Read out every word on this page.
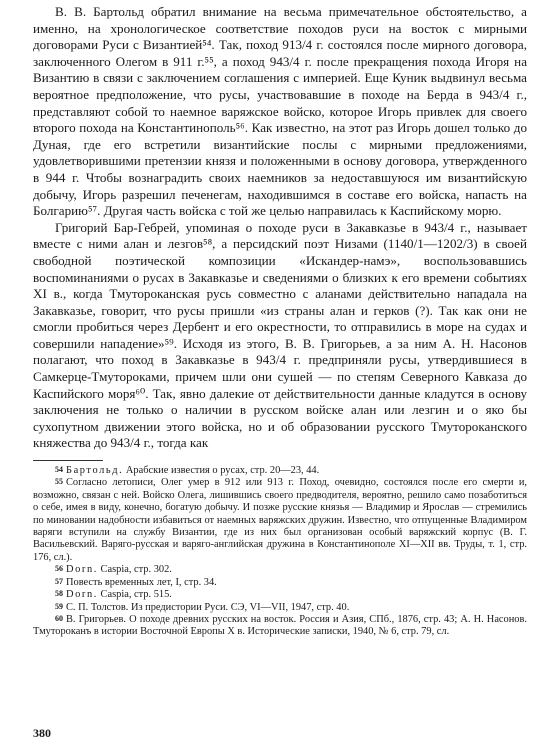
В. В. Бартольд обратил внимание на весьма примечательное обстоятельство, а именно, на хронологическое соответствие походов руси на восток с мирными договорами Руси с Византией⁵⁴. Так, поход 913/4 г. состоялся после мирного договора, заключенного Олегом в 911 г.⁵⁵, а поход 943/4 г. после прекращения похода Игоря на Византию в связи с заключением соглашения с империей. Еще Куник выдвинул весьма вероятное предположение, что русы, участвовавшие в походе на Берда в 943/4 г., представляют собой то наемное варяжское войско, которое Игорь привлек для своего второго похода на Константинополь⁵⁶. Как известно, на этот раз Игорь дошел только до Дуная, где его встретили византийские послы с мирными предложениями, удовлетворившими претензии князя и положенными в основу договора, утвержденного в 944 г. Чтобы вознаградить своих наемников за недоставшуюся им византийскую добычу, Игорь разрешил печенегам, находившимся в составе его войска, напасть на Болгарию⁵⁷. Другая часть войска с той же целью направилась к Каспийскому морю.

Григорий Бар-Гебрей, упоминая о походе руси в Закавказье в 943/4 г., называет вместе с ними алан и лезгов⁵⁸, а персидский поэт Низами (1140/1—1202/3) в своей свободной поэтической композиции «Искандер-намэ», воспользовавшись воспоминаниями о русах в Закавказье и сведениями о близких к его времени событиях XI в., когда Тмутороканская русь совместно с аланами действительно нападала на Закавказье, говорит, что русы пришли «из страны алан и герков (?). Так как они не смогли пробиться через Дербент и его окрестности, то отправились в море на судах и совершили нападение»⁵⁹. Исходя из этого, В. В. Григорьев, а за ним А. Н. Насонов полагают, что поход в Закавказье в 943/4 г. предприняли русы, утвердившиеся в Самкерце-Тмутороками, причем шли они сушей — по степям Северного Кавказа до Каспийского моря⁶⁰. Так, явно далекие от действительности данные кладутся в основу заключения не только о наличии в русском войске алан или лезгин и о яко бы сухопутном движении этого войска, но и об образовании русского Тмутороканского княжества до 943/4 г., тогда как

$^{54}$ Бартольд. Арабские известия о русах, стр. 20—23, 44.

$^{55}$ Согласно летописи, Олег умер в 912 или 913 г. Поход, очевидно, состоялся после его смерти и, возможно, связан с ней. Войско Олега, лишившись своего предводителя, вероятно, решило само позаботиться о себе, имея в виду, конечно, богатую добычу. И позже русские князья — Владимир и Ярослав — стремились по миновании надобности избавиться от наемных варяжских дружин. Известно, что отпущенные Владимиром варяги вступили на службу Византии, где из них был организован особый варяжский корпус (В. Г. Васильевский. Варяго-русская и варяго-английская дружина в Константинополе XI—XII вв. Труды, т. 1, стр. 176, сл.).

$^{56}$ Dorn. Caspia, стр. 302.

$^{57}$ Повесть временных лет, I, стр. 34.

$^{58}$ Dorn. Caspia, стр. 515.

$^{59}$ С. П. Толстов. Из предистории Руси. СЭ, VI—VII, 1947, стр. 40.

$^{60}$ В. Григорьев. О походе древних русских на восток. Россия и Азия, СПб., 1876, стр. 43; А. Н. Насонов. Тмутороканъ в истории Восточной Европы X в. Исторические записки, 1940, № 6, стр. 79, сл.

380
